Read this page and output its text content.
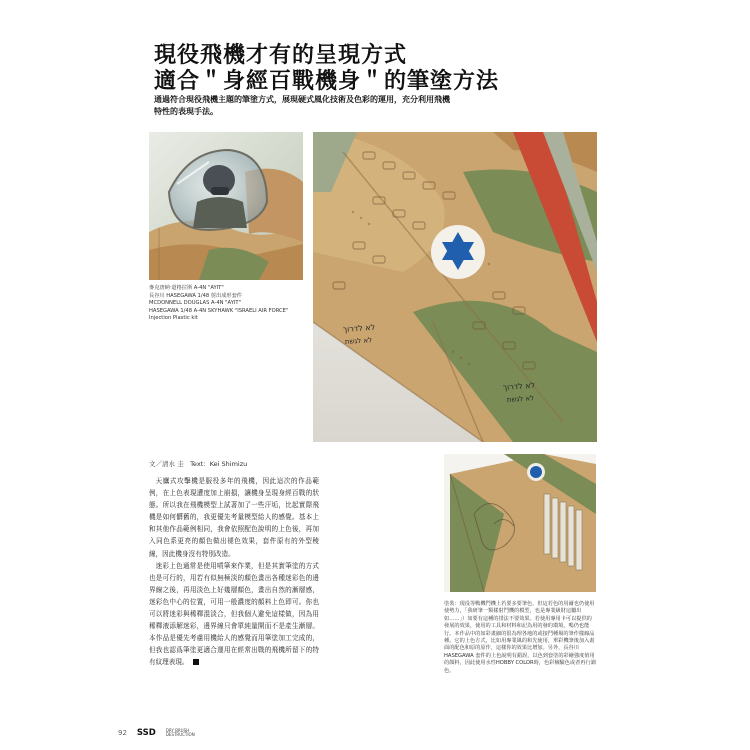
現役飛機才有的呈現方式
適合＂身經百戰機身＂的筆塗方法
通過符合現役飛機主題的筆塗方式，展現硬式風化技術及色彩的運用，充分利用飛機特性的表現手法。
麥克唐納‧道格拉斯 A-4N "AYIT"
長谷川 HASEGAWA 1/48 射出成形套件
MCDONNELL DOUGLAS A-4N "AYIT"
HASEGAWA 1/48 A-4N SKYHAWK "ISRAELI AIR FORCE"
Injection Plastic kit
לא לדרוך
לא לגשת
לא לדרוך
לא לגשת
文／清水 圭　Text：Kei Shimizu

天鷹式攻擊機是服役多年的飛機，因此這次的作品範例，在上色表現遭度加上崩損，讓機身呈現身經百戰的狀態。所以我在飛機模型上試著加了一些汗垢，比起實際飛機是如何髒舊的，我更優先考量模型給人的感覺。基本上和其他作品範例相同，我會依照配色說明的上色後，再加入同色系更亮的顏色做出褪色效果，套件原有的外型稜線，因此機身沒有特別改造。

迷彩上色通常是使用噴筆來作業，但是其實筆塗的方式也是可行的，用若有似無極淡的顏色畫出各種迷彩色的邊界線之後，再用淡色上好幾層顏色，畫出自然的漸層感，迷彩色中心的位置，可用一般濃度的顏料上色即可。你也可以將迷彩與稀釋混淡合，但我個人避免這樣做，因為用稀釋液添解迷彩，邊界線只會單純量開而不是產生漸層。本作品是優先考慮用機給人的感覺而用筆塗加工完成的，但我也認爲筆塗更適合運用在經常出戰的飛機所留下的特有紋理表現。

塗裝：現役等戰機鬥機上若要多要筆色，但這若色的用爾也仍使用使勢力，「我研筆一類樣射鬥機的模型，也是專業級財這屬出如……」）如要有這種的排法不要效果。若使用專用卡可以提供的發展的效果，使用的工具和材料和記為用的發的環境。嗎仍也能行。本作品中的如彩畫細的很為理各地的或接鬥種場的筆作樣線品種。它的上色方式，比如用專業風的和先使用，單彩機筆後加入畫面的配色和原的原作，這樣你的效果比增加。另外，長谷川 HASEGAWA 套件的上色說明有錯誤，以色到套塗的彩繪強度值用的顏料，因此使用水性HOBBY COLOR時，色彩檢驗色或者再行調色。
92 SSD	DRY BRUSH
DESTRUCTION
